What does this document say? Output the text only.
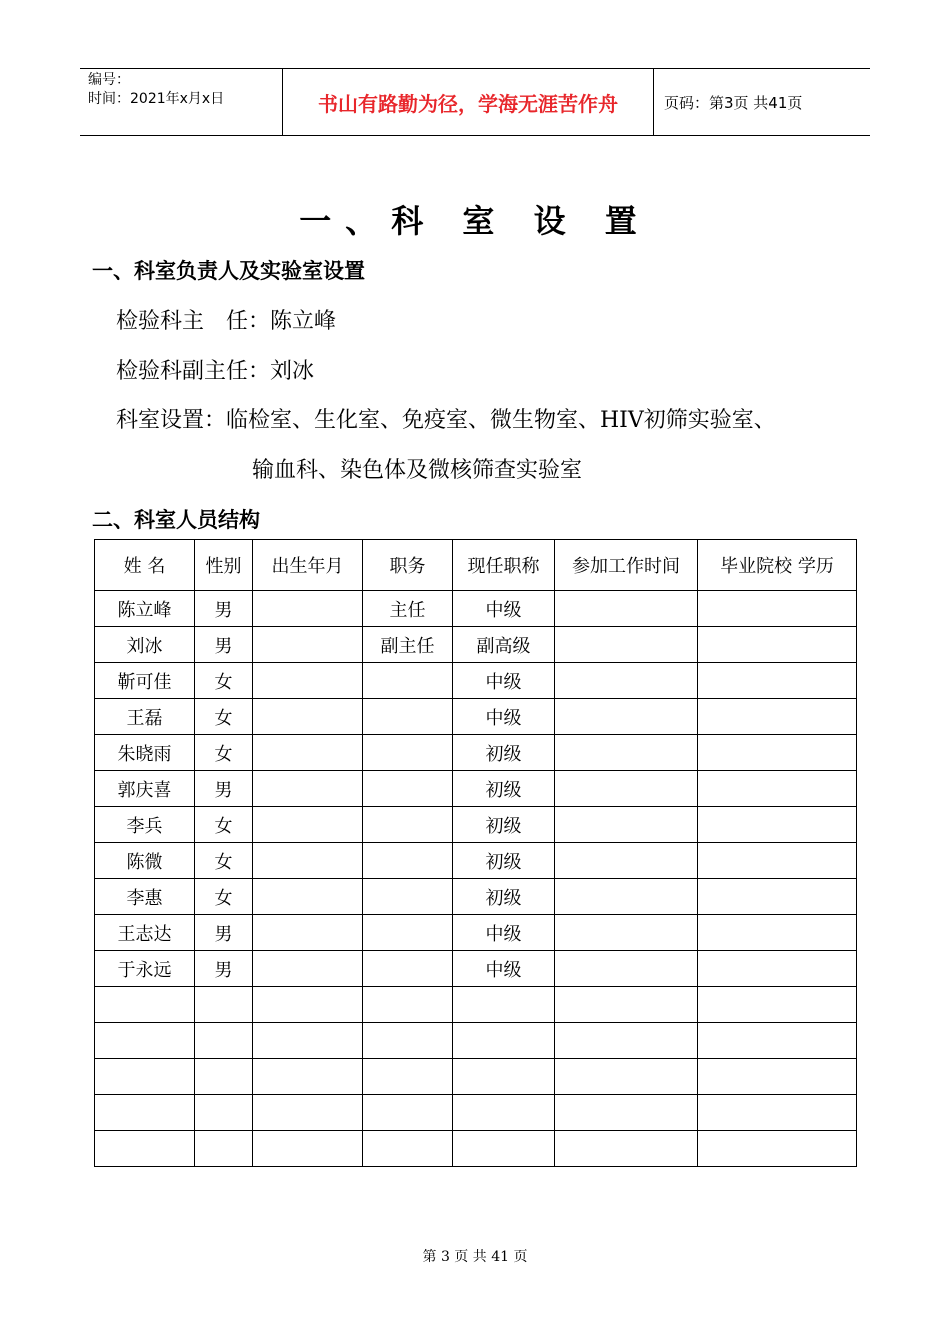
编号：
时间：2021年x月x日	书山有路勤为径，学海无涯苦作舟	页码：第3页 共41页
一、科 室 设 置
一、科室负责人及实验室设置
检验科主　任：陈立峰
检验科副主任：刘冰
科室设置：临检室、生化室、免疫室、微生物室、HIV初筛实验室、
输血科、染色体及微核筛查实验室
二、科室人员结构
姓 名	性别	出生年月	职务	现任职称	参加工作时间	毕业院校 学历
陈立峰	男		主任	中级		
刘冰	男		副主任	副高级		
靳可佳	女			中级		
王磊	女			中级		
朱晓雨	女			初级		
郭庆喜	男			初级		
李兵	女			初级		
陈微	女			初级		
李惠	女			初级		
王志达	男			中级		
于永远	男			中级		

第 3 页 共 41 页
